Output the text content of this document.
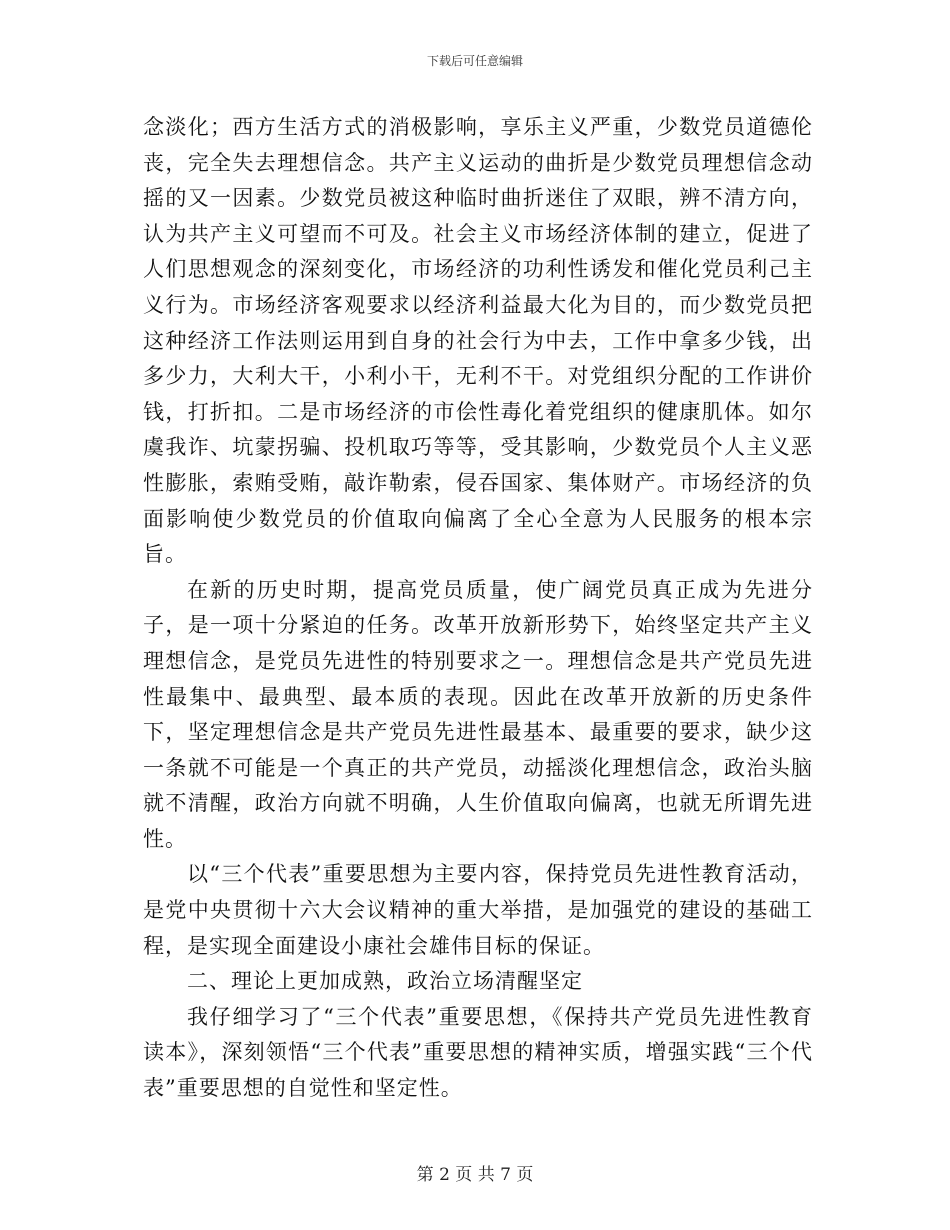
下载后可任意编辑

念淡化；西方生活方式的消极影响，享乐主义严重，少数党员道德伦丧，完全失去理想信念。共产主义运动的曲折是少数党员理想信念动摇的又一因素。少数党员被这种临时曲折迷住了双眼，辨不清方向，认为共产主义可望而不可及。社会主义市场经济体制的建立，促进了人们思想观念的深刻变化，市场经济的功利性诱发和催化党员利己主义行为。市场经济客观要求以经济利益最大化为目的，而少数党员把这种经济工作法则运用到自身的社会行为中去，工作中拿多少钱，出多少力，大利大干，小利小干，无利不干。对党组织分配的工作讲价钱，打折扣。二是市场经济的市侩性毒化着党组织的健康肌体。如尔虞我诈、坑蒙拐骗、投机取巧等等，受其影响，少数党员个人主义恶性膨胀，索贿受贿，敲诈勒索，侵吞国家、集体财产。市场经济的负面影响使少数党员的价值取向偏离了全心全意为人民服务的根本宗旨。

在新的历史时期，提高党员质量，使广阔党员真正成为先进分子，是一项十分紧迫的任务。改革开放新形势下，始终坚定共产主义理想信念，是党员先进性的特别要求之一。理想信念是共产党员先进性最集中、最典型、最本质的表现。因此在改革开放新的历史条件下，坚定理想信念是共产党员先进性最基本、最重要的要求，缺少这一条就不可能是一个真正的共产党员，动摇淡化理想信念，政治头脑就不清醒，政治方向就不明确，人生价值取向偏离，也就无所谓先进性。

以“三个代表”重要思想为主要内容，保持党员先进性教育活动，是党中央贯彻十六大会议精神的重大举措，是加强党的建设的基础工程，是实现全面建设小康社会雄伟目标的保证。

二、理论上更加成熟，政治立场清醒坚定

我仔细学习了“三个代表”重要思想，《保持共产党员先进性教育读本》，深刻领悟“三个代表”重要思想的精神实质，增强实践“三个代表”重要思想的自觉性和坚定性。

第 2 页 共 7 页
